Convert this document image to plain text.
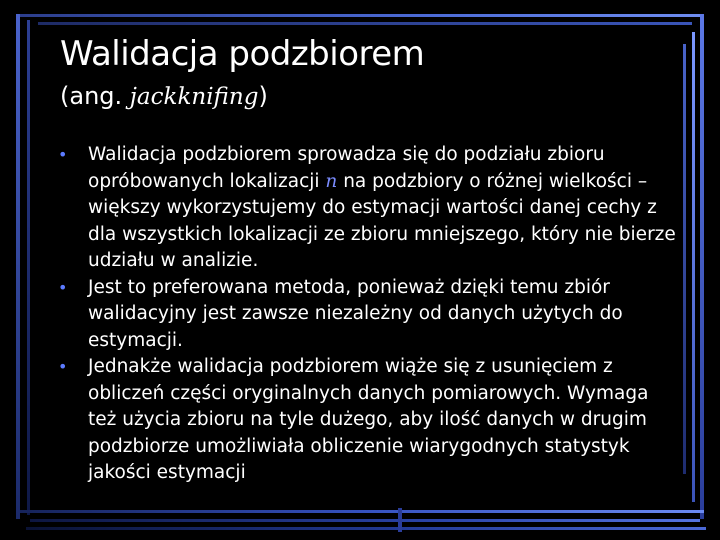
Walidacja podzbiorem

(ang. jackknifing)

• Walidacja podzbiorem sprowadza się do podziału zbioru opróbowanych lokalizacji n na podzbiory o różnej wielkości – większy wykorzystujemy do estymacji wartości danej cechy z dla wszystkich lokalizacji ze zbioru mniejszego, który nie bierze udziału w analizie.
• Jest to preferowana metoda, ponieważ dzięki temu zbiór walidacyjny jest zawsze niezależny od danych użytych do estymacji.
• Jednakże walidacja podzbiorem wiąże się z usunięciem z obliczeń części oryginalnych danych pomiarowych. Wymaga też użycia zbioru na tyle dużego, aby ilość danych w drugim podzbiorze umożliwiała obliczenie wiarygodnych statystyk jakości estymacji
